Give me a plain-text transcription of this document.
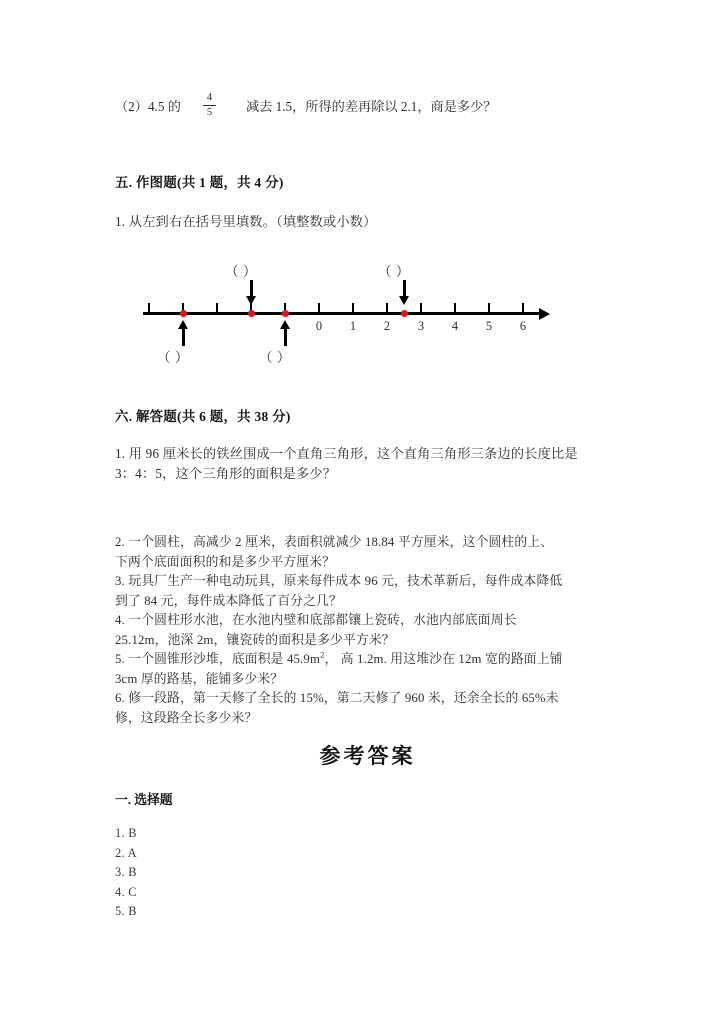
（2）4.5 的 $\frac{4}{5}$ 减去 1.5，所得的差再除以 2.1，商是多少？
五. 作图题(共 1 题，共 4 分)
1. 从左到右在括号里填数。（填整数或小数）
0	1	2	3	4	5	6
（ ）	（ ）
（ ）	（ ）
六. 解答题(共 6 题，共 38 分)
1. 用 96 厘米长的铁丝围成一个直角三角形，这个直角三角形三条边的长度比是
3：4：5，这个三角形的面积是多少？

2. 一个圆柱，高减少 2 厘米，表面积就减少 18.84 平方厘米，这个圆柱的上、

下两个底面面积的和是多少平方厘米？

3. 玩具厂生产一种电动玩具，原来每件成本 96 元，技术革新后，每件成本降低

到了 84 元，每件成本降低了百分之几？

4. 一个圆柱形水池，在水池内壁和底部都镶上瓷砖，水池内部底面周长

25.12m，池深 2m，镶瓷砖的面积是多少平方米？

5. 一个圆锥形沙堆，底面积是 $45.9m^2$， 高 1.2m. 用这堆沙在 12m 宽的路面上铺

3cm 厚的路基，能铺多少米？

6. 修一段路，第一天修了全长的 15%，第二天修了 960 米，还余全长的 65%未

修，这段路全长多少米？

参考答案
一. 选择题
1. B
2. A
3. B
4. C
5. B
